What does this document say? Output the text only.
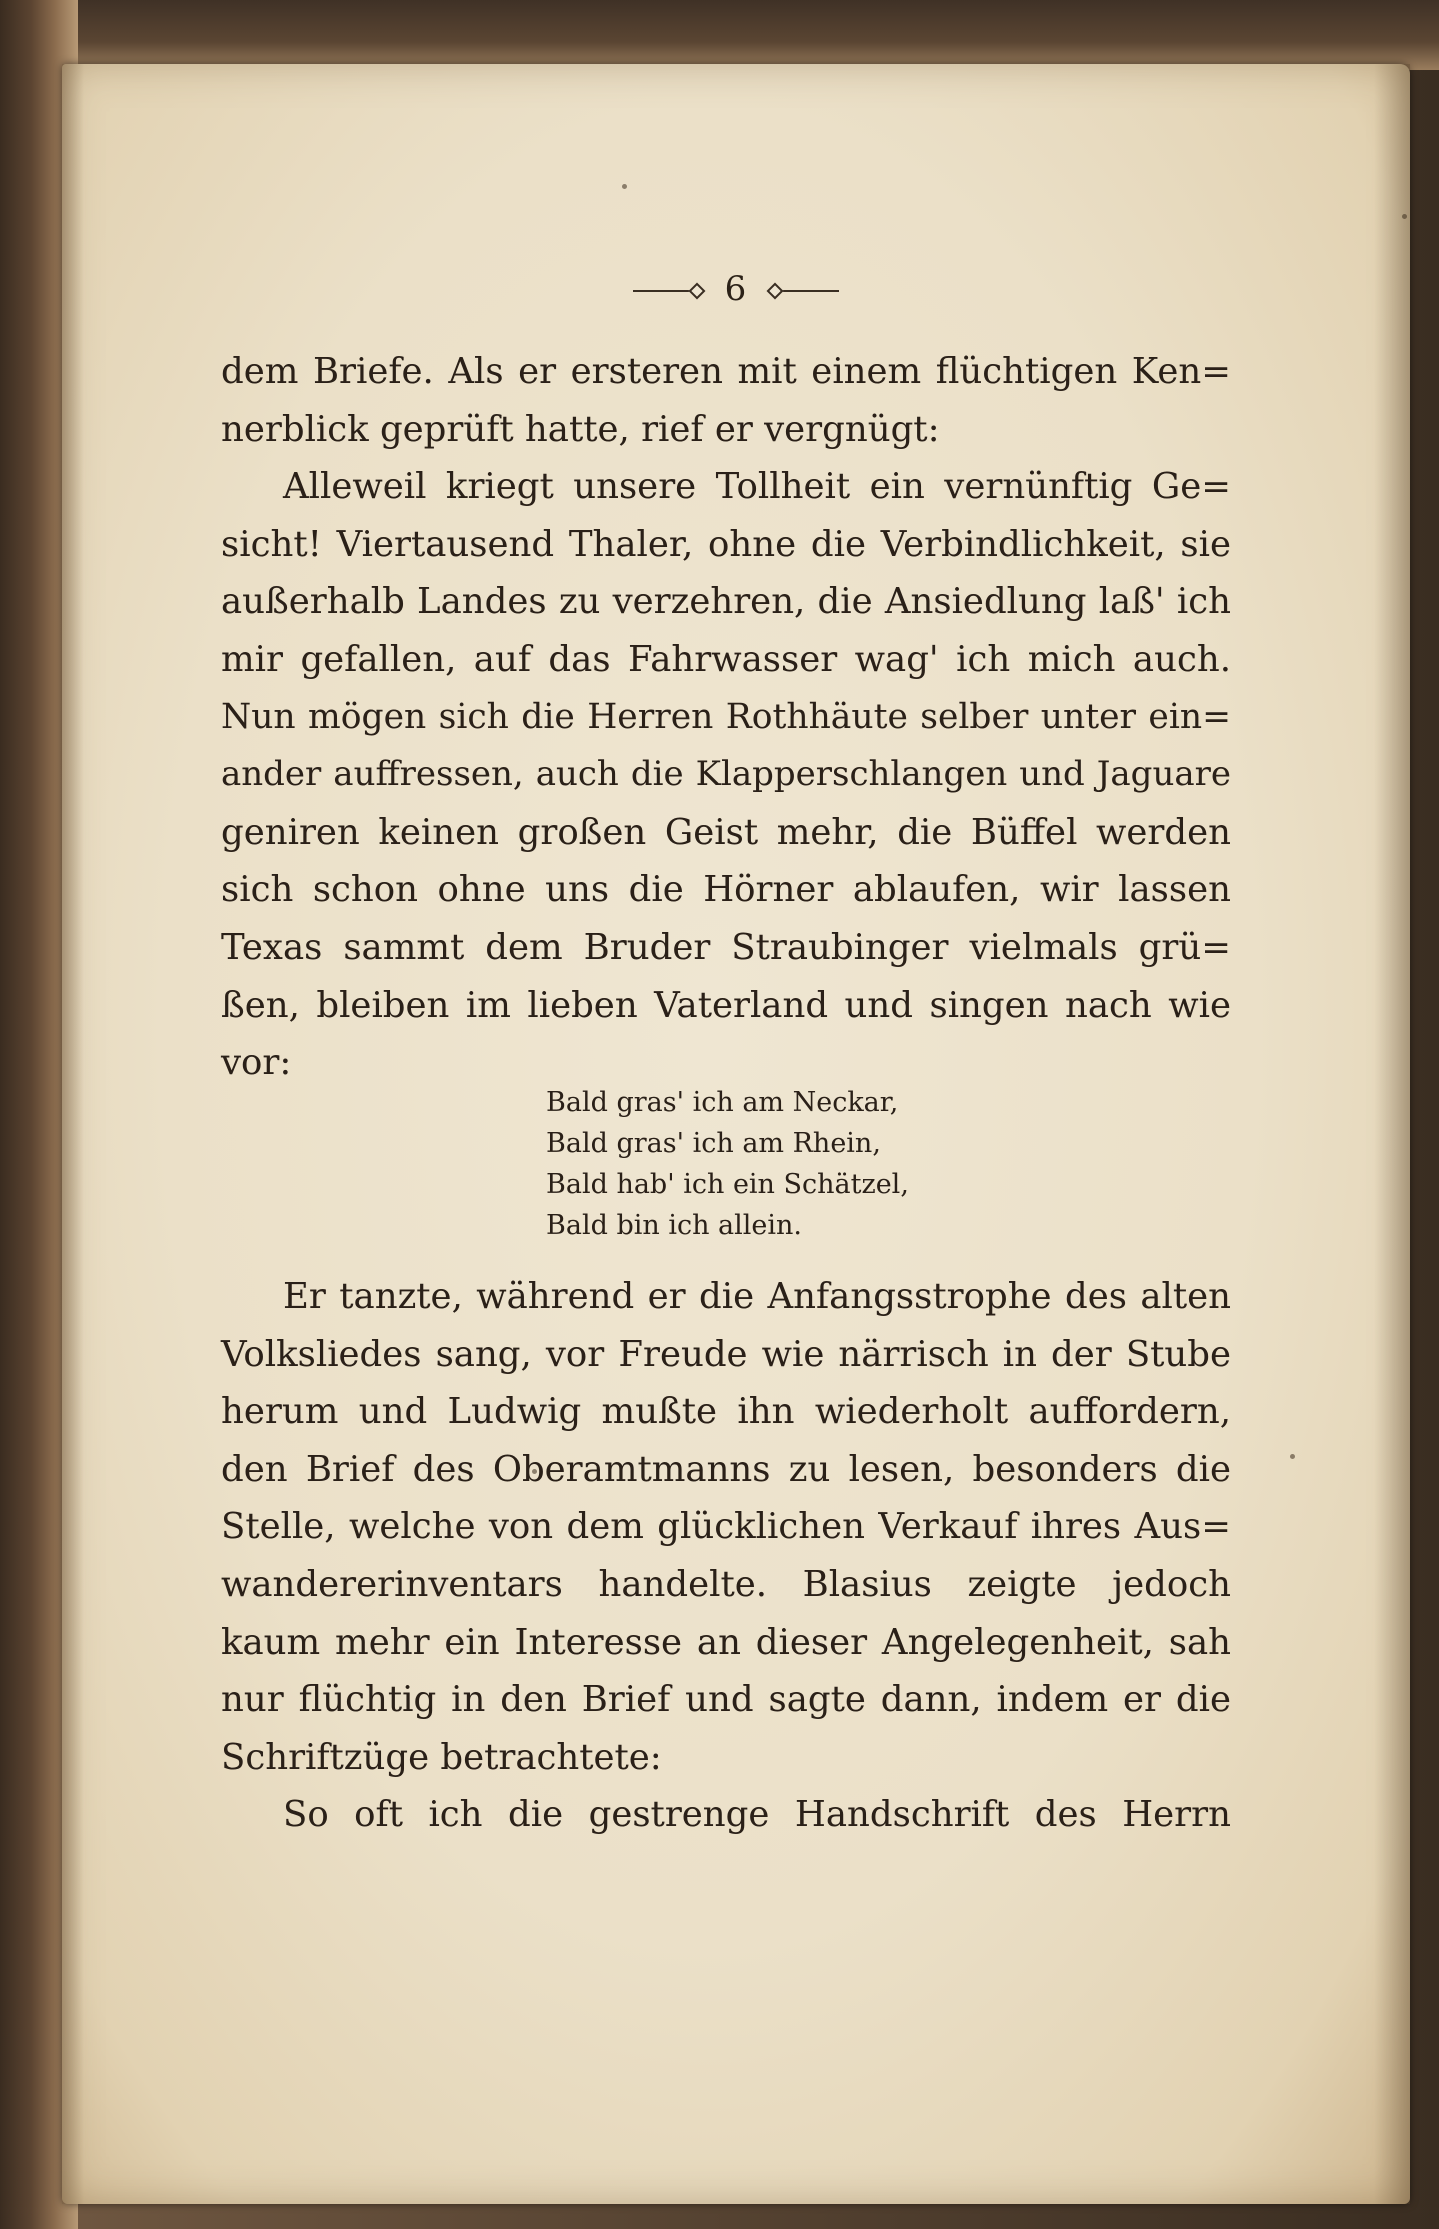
6
dem Briefe. Als er ersteren mit einem flüchtigen Ken=
nerblick geprüft hatte, rief er vergnügt:
Alleweil kriegt unsere Tollheit ein vernünftig Ge=
sicht! Viertausend Thaler, ohne die Verbindlichkeit, sie
außerhalb Landes zu verzehren, die Ansiedlung laß' ich
mir gefallen, auf das Fahrwasser wag' ich mich auch.
Nun mögen sich die Herren Rothhäute selber unter ein=
ander auffressen, auch die Klapperschlangen und Jaguare
geniren keinen großen Geist mehr, die Büffel werden
sich schon ohne uns die Hörner ablaufen, wir lassen
Texas sammt dem Bruder Straubinger vielmals grü=
ßen, bleiben im lieben Vaterland und singen nach wie
vor:
Bald gras' ich am Neckar,
Bald gras' ich am Rhein,
Bald hab' ich ein Schätzel,
Bald bin ich allein.
Er tanzte, während er die Anfangsstrophe des alten
Volksliedes sang, vor Freude wie närrisch in der Stube
herum und Ludwig mußte ihn wiederholt auffordern,
den Brief des Oberamtmanns zu lesen, besonders die
Stelle, welche von dem glücklichen Verkauf ihres Aus=
wandererinventars handelte. Blasius zeigte jedoch
kaum mehr ein Interesse an dieser Angelegenheit, sah
nur flüchtig in den Brief und sagte dann, indem er die
Schriftzüge betrachtete:
So oft ich die gestrenge Handschrift des Herrn
